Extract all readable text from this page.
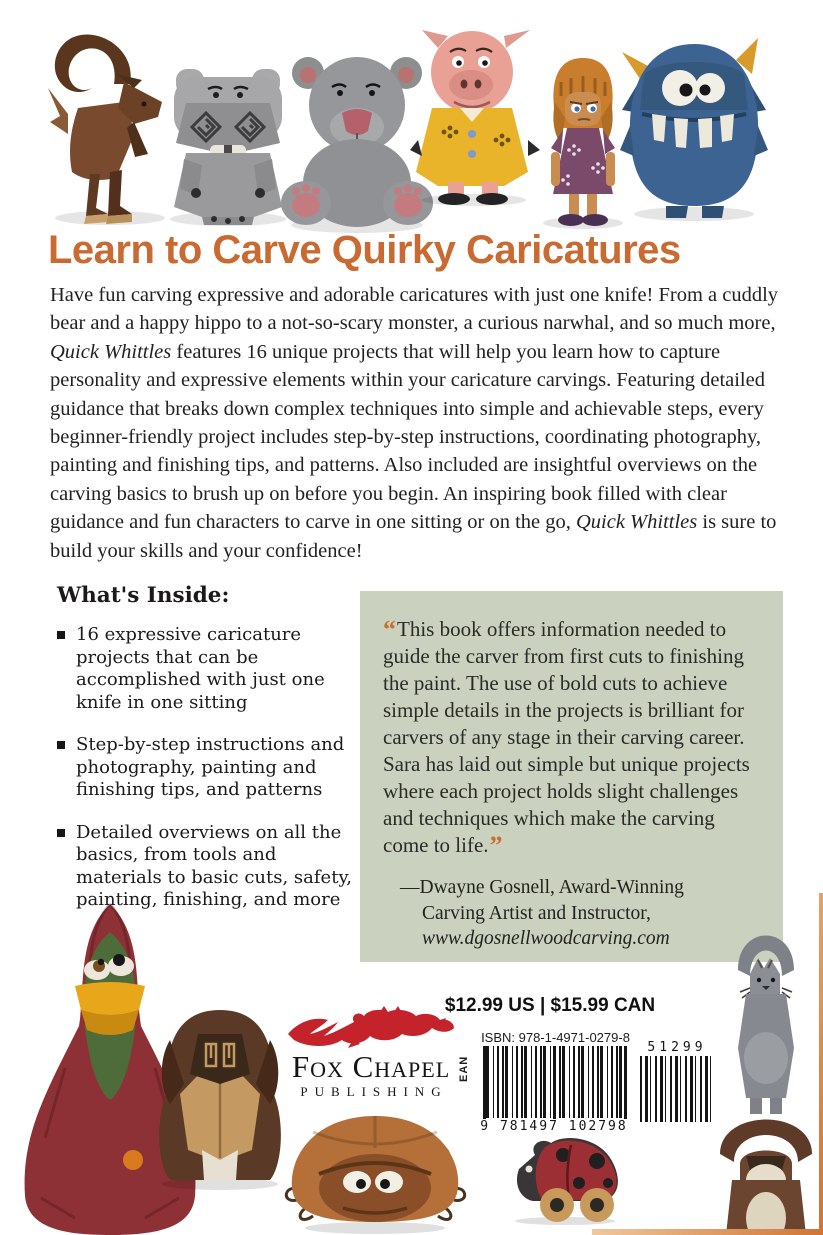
Learn to Carve Quirky Caricatures
Have fun carving expressive and adorable caricatures with just one knife! From a cuddly bear and a happy hippo to a not-so-scary monster, a curious narwhal, and so much more, Quick Whittles features 16 unique projects that will help you learn how to capture personality and expressive elements within your caricature carvings. Featuring detailed guidance that breaks down complex techniques into simple and achievable steps, every beginner-friendly project includes step-by-step instructions, coordinating photography, painting and finishing tips, and patterns. Also included are insightful overviews on the carving basics to brush up on before you begin. An inspiring book filled with clear guidance and fun characters to carve in one sitting or on the go, Quick Whittles is sure to build your skills and your confidence!
What's Inside:
16 expressive caricature projects that can be accomplished with just one knife in one sitting
Step-by-step instructions and photography, painting and finishing tips, and patterns
Detailed overviews on all the basics, from tools and materials to basic cuts, safety, painting, finishing, and more
“This book offers information needed to guide the carver from first cuts to finishing the paint. The use of bold cuts to achieve simple details in the projects is brilliant for carvers of any stage in their carving career. Sara has laid out simple but unique projects where each project holds slight challenges and techniques which make the carving come to life.”
—Dwayne Gosnell, Award-Winning
Carving Artist and Instructor,
www.dgosnellwoodcarving.com
$12.99 US | $15.99 CAN
Fox Chapel
PUBLISHING
ISBN: 978-1-4971-0279-8
EAN
9 781497 102798
51299
